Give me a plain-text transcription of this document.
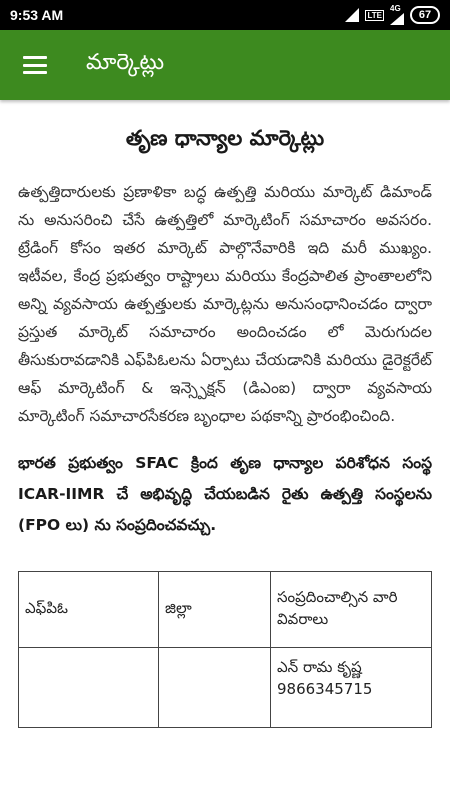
9:53 AM	LTE
4G
67
మార్కెట్లు
తృణ ధాన్యాల మార్కెట్లు

ఉత్పత్తిదారులకు ప్రణాళికా బద్ధ ఉత్పత్తి మరియు మార్కెట్ డిమాండ్ ను అనుసరించి చేసే ఉత్పత్తిలో మార్కెటింగ్ సమాచారం అవసరం. ట్రేడింగ్ కోసం ఇతర మార్కెట్ పాల్గొనేవారికి ఇది మరీ ముఖ్యం. ఇటీవల, కేంద్ర ప్రభుత్వం రాష్ట్రాలు మరియు కేంద్రపాలిత ప్రాంతాలలోని అన్ని వ్యవసాయ ఉత్పత్తులకు మార్కెట్లను అనుసంధానించడం ద్వారా ప్రస్తుత మార్కెట్ సమాచారం అందించడం లో మెరుగుదల తీసుకురావడానికి ఎఫ్‌పిఓలను ఏర్పాటు చేయడానికి మరియు డైరెక్టరేట్ ఆఫ్ మార్కెటింగ్ & ఇన్స్పెక్షన్ (డిఎంఐ) ద్వారా వ్యవసాయ మార్కెటింగ్ సమాచారసేకరణ బృంధాల పథకాన్ని ప్రారంభించింది.

భారత ప్రభుత్వం SFAC క్రింద తృణ ధాన్యాల పరిశోధన సంస్థ ICAR-IIMR చే అభివృద్ధి చేయబడిన రైతు ఉత్పత్తి సంస్థలను (FPO లు) ను సంప్రదించవచ్చు.

ఎఫ్‌పిఓ	జిల్లా	సంప్రదించాల్సిన వారి వివరాలు
		ఎన్ రామ కృష్ణ 9866345715
